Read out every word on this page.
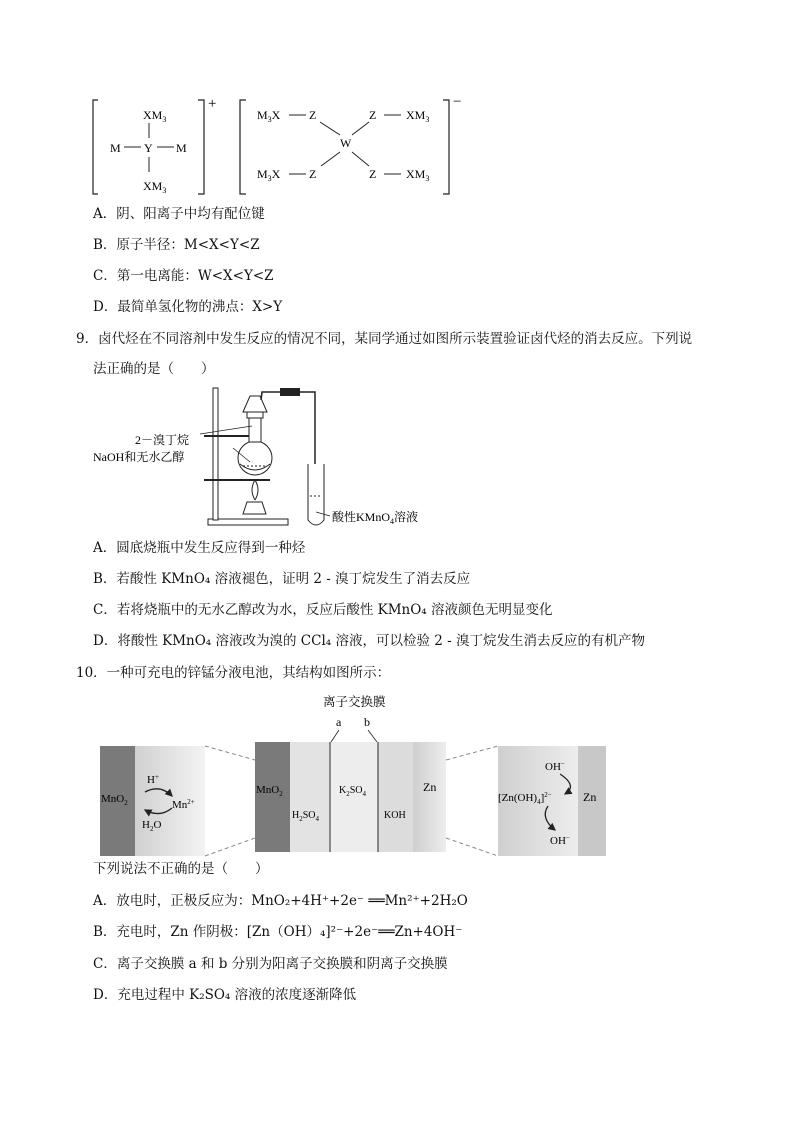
+
$XM_3$
M Y M
$XM_3$
−
$M_3X$ Z	Z $XM_3$
W
$M_3X$ Z	Z $XM_3$
A．阴、阳离子中均有配位键
B．原子半径：M<X<Y<Z
C．第一电离能：W<X<Y<Z
D．最简单氢化物的沸点：X>Y
9．卤代烃在不同溶剂中发生反应的情况不同，某同学通过如图所示装置验证卤代烃的消去反应。下列说
法正确的是（　　）
2－溴丁烷
NaOH和无水乙醇
酸性KMnO$_4$溶液
A．圆底烧瓶中发生反应得到一种烃
B．若酸性 KMnO₄ 溶液褪色，证明 2 - 溴丁烷发生了消去反应
C．若将烧瓶中的无水乙醇改为水，反应后酸性 KMnO₄ 溶液颜色无明显变化
D．将酸性 KMnO₄ 溶液改为溴的 CCl₄ 溶液，可以检验 2 - 溴丁烷发生消去反应的有机产物
10．一种可充电的锌锰分液电池，其结构如图所示：
离子交换膜
a b
MnO$_2$
H+
$Mn^{2+}$
$H_2O$
MnO$_2$
$H_2SO_4$
$K_2SO_4$
KOH
Zn
OH−
$[Zn(OH)_4]^{2-}$	Zn
OH−
下列说法不正确的是（　　）
A．放电时，正极反应为：MnO₂+4H⁺+2e⁻ ══Mn²⁺+2H₂O
B．充电时，Zn 作阴极：[Zn（OH）₄]²⁻+2e⁻══Zn+4OH⁻
C．离子交换膜 a 和 b 分别为阳离子交换膜和阴离子交换膜
D．充电过程中 K₂SO₄ 溶液的浓度逐渐降低
